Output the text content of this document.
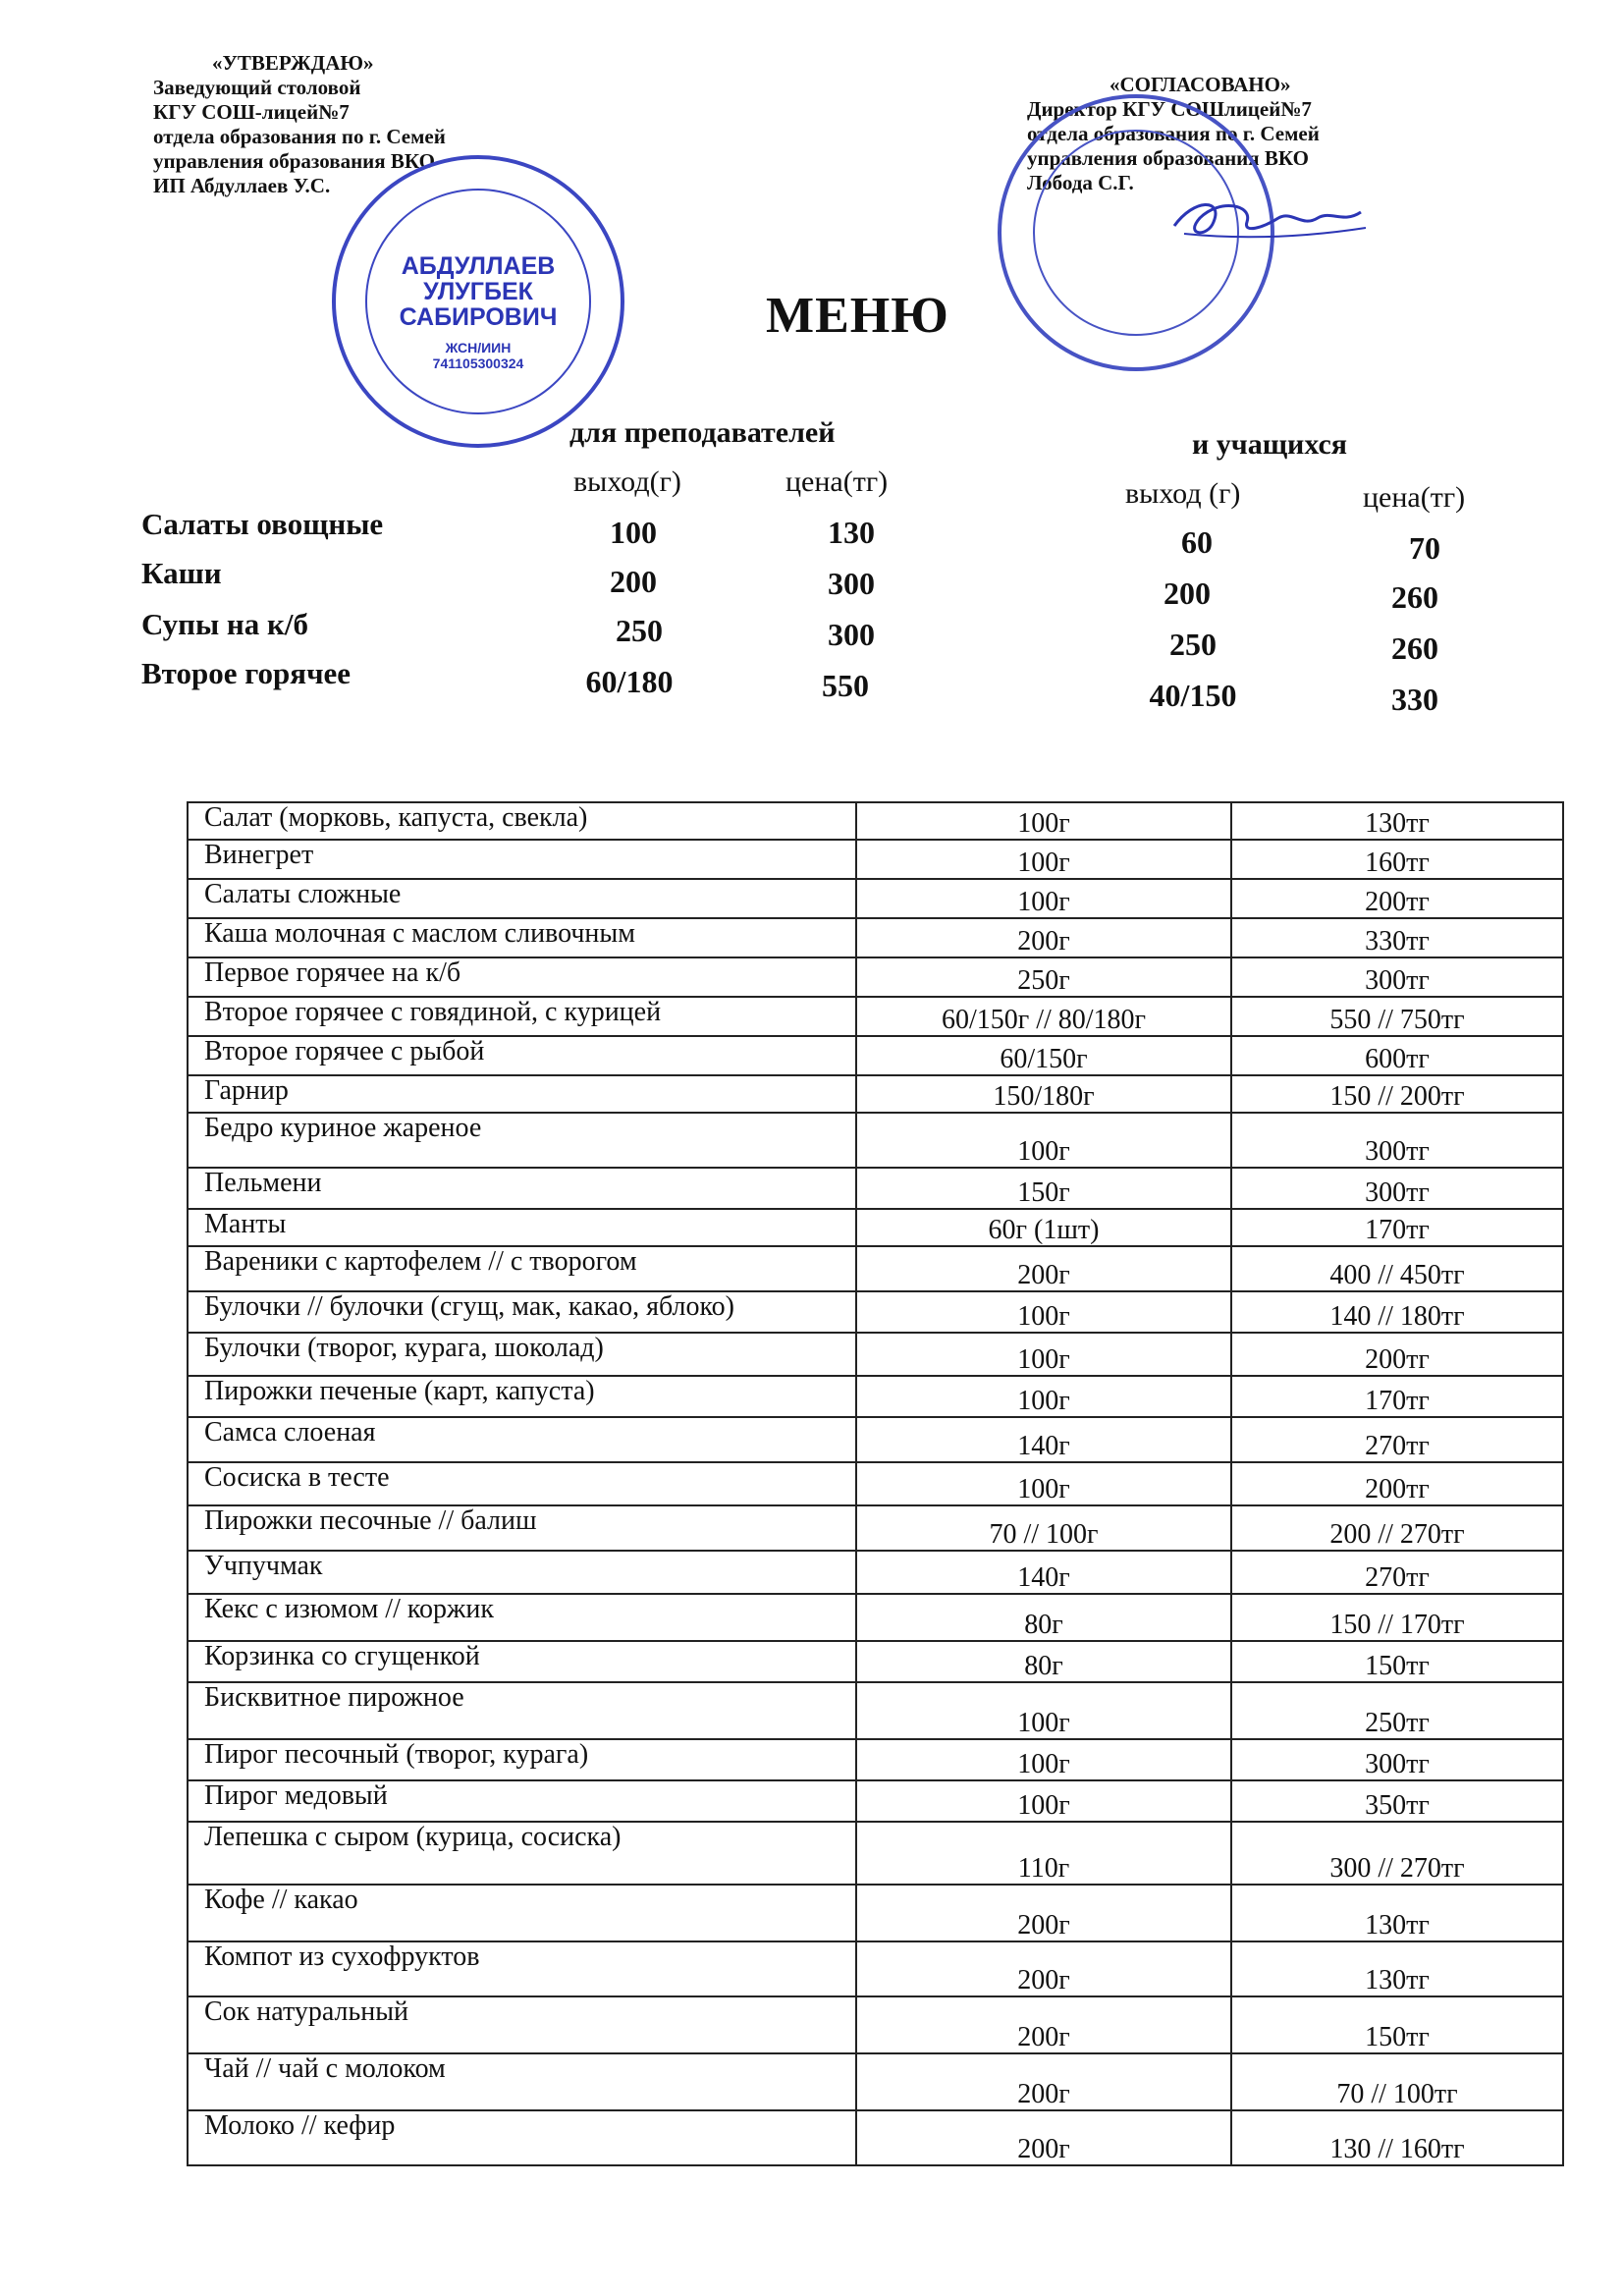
«УТВЕРЖДАЮ»
Заведующий столовой
КГУ СОШ-лицей№7
отдела образования по г. Семей
управления образования ВКО
ИП Абдуллаев У.С.
АБДУЛЛАЕВ
УЛУГБЕК
САБИРОВИЧ
ЖСН/ИИН
741105300324
«СОГЛАСОВАНО»
Директор КГУ СОШлицей№7
отдела образования по г. Семей
управления образования ВКО
Лобода С.Г.
МЕНЮ
для преподавателей	и учащихся
выход(г)	цена(тг)	выход (г)	цена(тг)
Салаты овощные	100	130	60	70
Каши	200	300	200	260
Супы на к/б	250	300	250	260
Второе горячее	60/180	550	40/150	330
Салат (морковь, капуста, свекла)	100г	130тг
Винегрет	100г	160тг
Салаты сложные	100г	200тг
Каша молочная с маслом сливочным	200г	330тг
Первое горячее на к/б	250г	300тг
Второе горячее с говядиной, с курицей	60/150г // 80/180г	550 // 750тг
Второе горячее с рыбой	60/150г	600тг
Гарнир	150/180г	150 // 200тг
Бедро куриное жареное	100г	300тг
Пельмени	150г	300тг
Манты	60г (1шт)	170тг
Вареники с картофелем // с творогом	200г	400 // 450тг
Булочки // булочки (сгущ, мак, какао, яблоко)	100г	140 // 180тг
Булочки (творог, курага, шоколад)	100г	200тг
Пирожки печеные (карт, капуста)	100г	170тг
Самса слоеная	140г	270тг
Сосиска в тесте	100г	200тг
Пирожки песочные // балиш	70 // 100г	200 // 270тг
Учпучмак	140г	270тг
Кекс с изюмом // коржик	80г	150 // 170тг
Корзинка со сгущенкой	80г	150тг
Бисквитное пирожное	100г	250тг
Пирог песочный (творог, курага)	100г	300тг
Пирог медовый	100г	350тг
Лепешка с сыром (курица, сосиска)	110г	300 // 270тг
Кофе // какао	200г	130тг
Компот из сухофруктов	200г	130тг
Сок натуральный	200г	150тг
Чай // чай с молоком	200г	70 // 100тг
Молоко // кефир	200г	130 // 160тг
